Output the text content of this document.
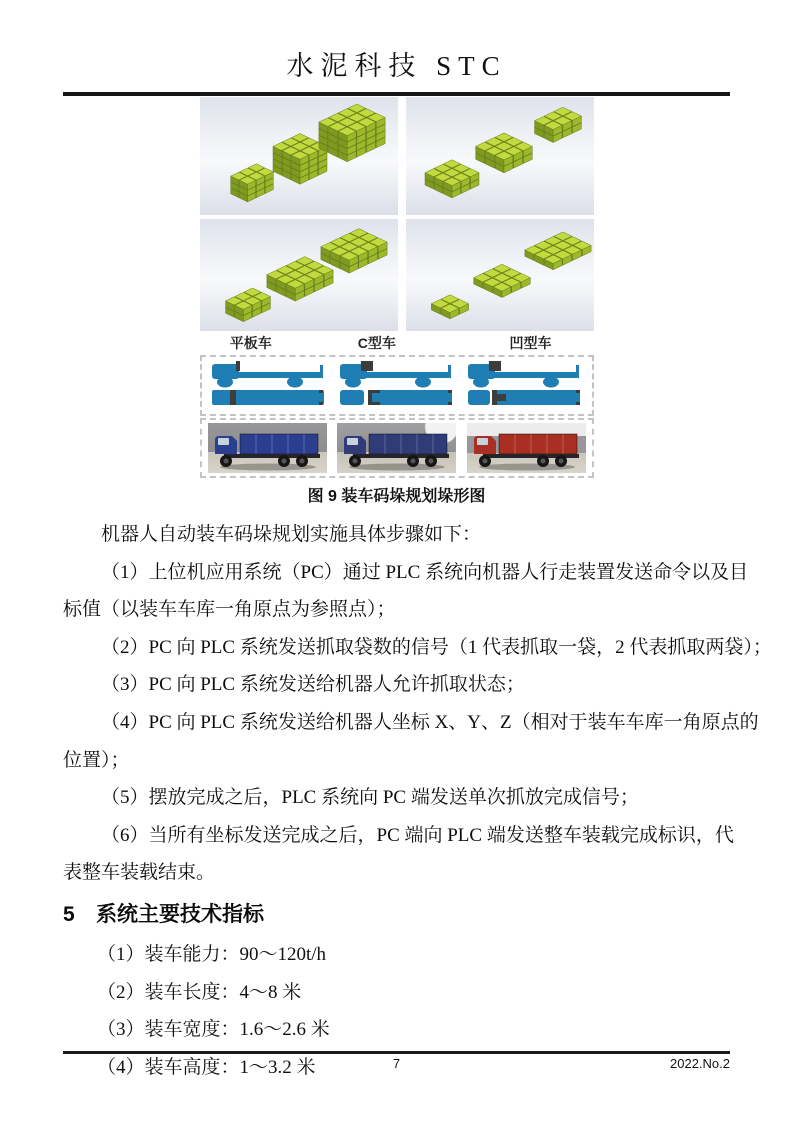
水泥科技 STC
平板车	C型车	凹型车
图 9 装车码垛规划垛形图
机器人自动装车码垛规划实施具体步骤如下：
（1）上位机应用系统（PC）通过 PLC 系统向机器人行走装置发送命令以及目
标值（以装车车库一角原点为参照点）；
（2）PC 向 PLC 系统发送抓取袋数的信号（1 代表抓取一袋，2 代表抓取两袋）；
（3）PC 向 PLC 系统发送给机器人允许抓取状态；
（4）PC 向 PLC 系统发送给机器人坐标 X、Y、Z（相对于装车车库一角原点的
位置）；
（5）摆放完成之后，PLC 系统向 PC 端发送单次抓放完成信号；
（6）当所有坐标发送完成之后，PC 端向 PLC 端发送整车装载完成标识，代
表整车装载结束。
5	系统主要技术指标
（1）装车能力：90～120t/h
（2）装车长度：4～8 米
（3）装车宽度：1.6～2.6 米
（4）装车高度：1～3.2 米	7	2022.No.2
